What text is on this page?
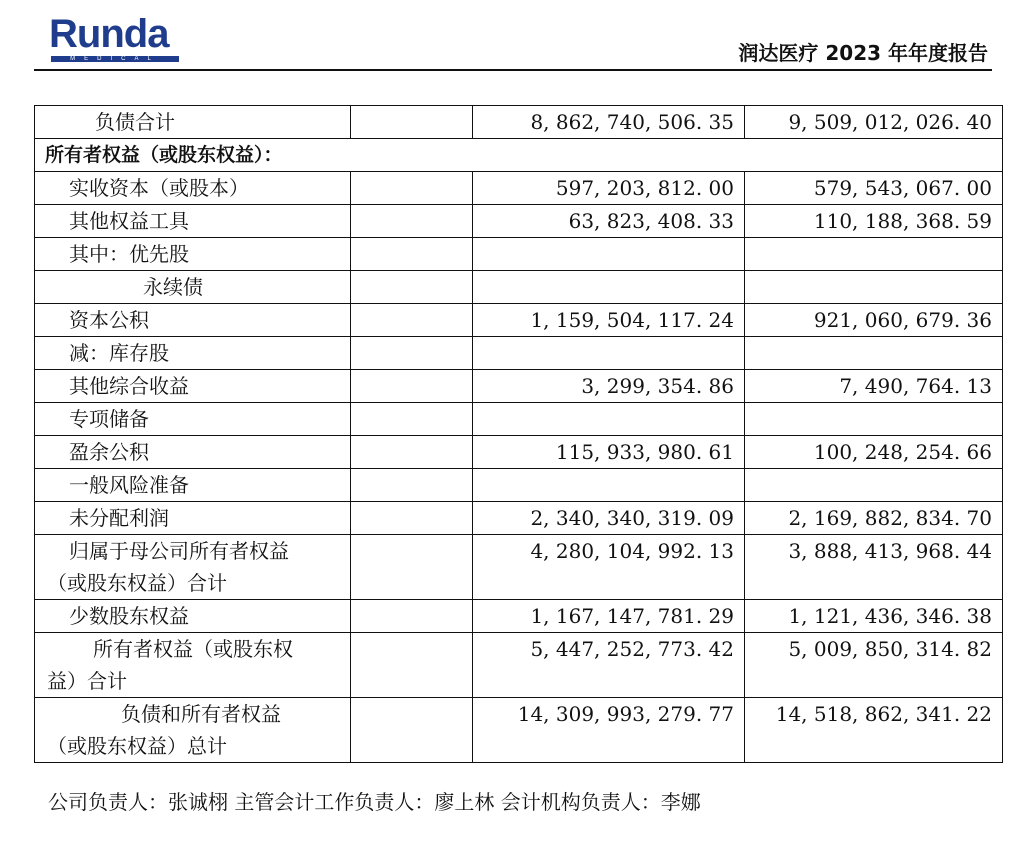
Runda
MEDICAL	润达医疗 2023 年年度报告
负债合计		8, 862, 740, 506. 35	9, 509, 012, 026. 40
所有者权益（或股东权益）：			
实收资本（或股本）		597, 203, 812. 00	579, 543, 067. 00
其他权益工具		63, 823, 408. 33	110, 188, 368. 59
其中：优先股			
永续债			
资本公积		1, 159, 504, 117. 24	921, 060, 679. 36
减：库存股			
其他综合收益		3, 299, 354. 86	7, 490, 764. 13
专项储备			
盈余公积		115, 933, 980. 61	100, 248, 254. 66
一般风险准备			
未分配利润		2, 340, 340, 319. 09	2, 169, 882, 834. 70

归属于母公司所有者权益
（或股东权益）合计		4, 280, 104, 992. 13	3, 888, 413, 968. 44
少数股东权益		1, 167, 147, 781. 29	1, 121, 436, 346. 38

所有者权益（或股东权
益）合计		5, 447, 252, 773. 42	5, 009, 850, 314. 82

负债和所有者权益
（或股东权益）总计		14, 309, 993, 279. 77	14, 518, 862, 341. 22
公司负责人：张诚栩 主管会计工作负责人：廖上林 会计机构负责人：李娜
